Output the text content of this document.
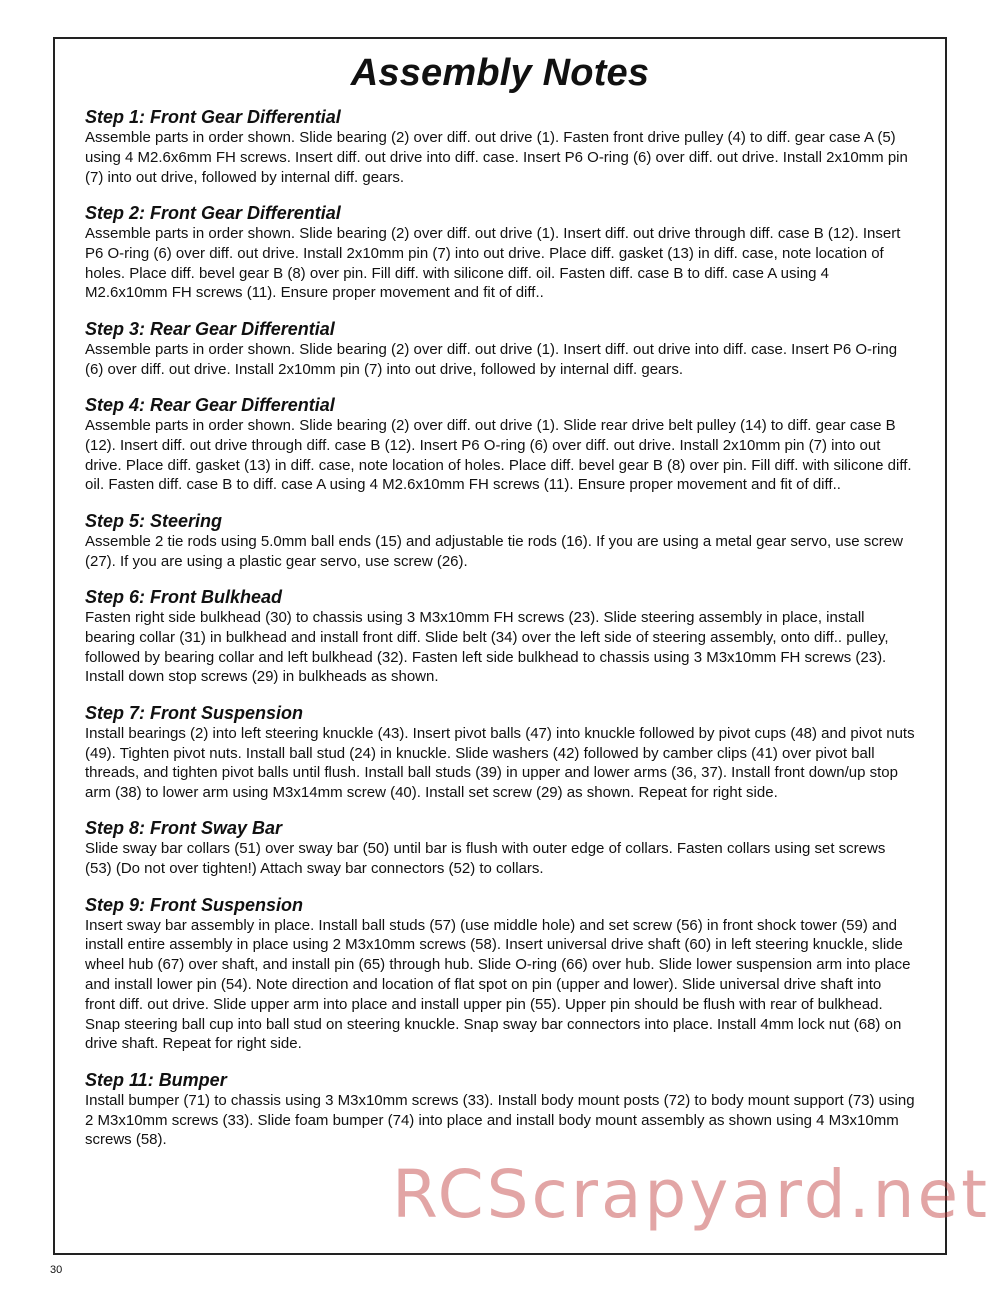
Assembly Notes
Step 1: Front Gear Differential

Assemble parts in order shown. Slide bearing (2) over diff. out drive (1). Fasten front drive pulley (4) to diff. gear case A (5) using 4 M2.6x6mm FH screws. Insert diff. out drive into diff. case. Insert P6 O-ring (6) over diff. out drive. Install 2x10mm pin (7) into out drive, followed by internal diff. gears.

Step 2: Front Gear Differential

Assemble parts in order shown. Slide bearing (2) over diff. out drive (1). Insert diff. out drive through diff. case B (12). Insert P6 O-ring (6) over diff. out drive. Install 2x10mm pin (7) into out drive. Place diff. gasket (13) in diff. case, note location of holes. Place diff. bevel gear B (8) over pin. Fill diff. with silicone diff. oil. Fasten diff. case B to diff. case A using 4 M2.6x10mm FH screws (11). Ensure proper movement and fit of diff..

Step 3: Rear Gear Differential

Assemble parts in order shown. Slide bearing (2) over diff. out drive (1). Insert diff. out drive into diff. case. Insert P6 O-ring (6) over diff. out drive. Install 2x10mm pin (7) into out drive, followed by internal diff. gears.

Step 4: Rear Gear Differential

Assemble parts in order shown. Slide bearing (2) over diff. out drive (1). Slide rear drive belt pulley (14) to diff. gear case B (12). Insert diff. out drive through diff. case B (12). Insert P6 O-ring (6) over diff. out drive. Install 2x10mm pin (7) into out drive. Place diff. gasket (13) in diff. case, note location of holes. Place diff. bevel gear B (8) over pin. Fill diff. with silicone diff. oil. Fasten diff. case B to diff. case A using 4 M2.6x10mm FH screws (11). Ensure proper movement and fit of diff..

Step 5: Steering

Assemble 2 tie rods using 5.0mm ball ends (15) and adjustable tie rods (16). If you are using a metal gear servo, use screw (27). If you are using a plastic gear servo, use screw (26).

Step 6: Front Bulkhead

Fasten right side bulkhead (30) to chassis using 3 M3x10mm FH screws (23). Slide steering assembly in place, install bearing collar (31) in bulkhead and install front diff. Slide belt (34) over the left side of steering assembly, onto diff.. pulley, followed by bearing collar and left bulkhead (32). Fasten left side bulkhead to chassis using 3 M3x10mm FH screws (23). Install down stop screws (29) in bulkheads as shown.

Step 7: Front Suspension

Install bearings (2) into left steering knuckle (43). Insert pivot balls (47) into knuckle followed by pivot cups (48) and pivot nuts (49). Tighten pivot nuts. Install ball stud (24) in knuckle. Slide washers (42) followed by camber clips (41) over pivot ball threads, and tighten pivot balls until flush. Install ball studs (39) in upper and lower arms (36, 37). Install front down/up stop arm (38) to lower arm using M3x14mm screw (40). Install set screw (29) as shown. Repeat for right side.

Step 8: Front Sway Bar

Slide sway bar collars (51) over sway bar (50) until bar is flush with outer edge of collars. Fasten collars using set screws (53) (Do not over tighten!) Attach sway bar connectors (52) to collars.

Step 9: Front Suspension

Insert sway bar assembly in place. Install ball studs (57) (use middle hole) and set screw (56) in front shock tower (59) and install entire assembly in place using 2 M3x10mm screws (58). Insert universal drive shaft (60) in left steering knuckle, slide wheel hub (67) over shaft, and install pin (65) through hub. Slide O-ring (66) over hub. Slide lower suspension arm into place and install lower pin (54). Note direction and location of flat spot on pin (upper and lower). Slide universal drive shaft into front diff. out drive. Slide upper arm into place and install upper pin (55). Upper pin should be flush with rear of bulkhead. Snap steering ball cup into ball stud on steering knuckle. Snap sway bar connectors into place. Install 4mm lock nut (68) on drive shaft. Repeat for right side.

Step 11: Bumper

Install bumper (71) to chassis using 3 M3x10mm screws (33). Install body mount posts (72) to body mount support (73) using 2 M3x10mm screws (33). Slide foam bumper (74) into place and install body mount assembly as shown using 4 M3x10mm screws (58).

RCScrapyard.net
30
